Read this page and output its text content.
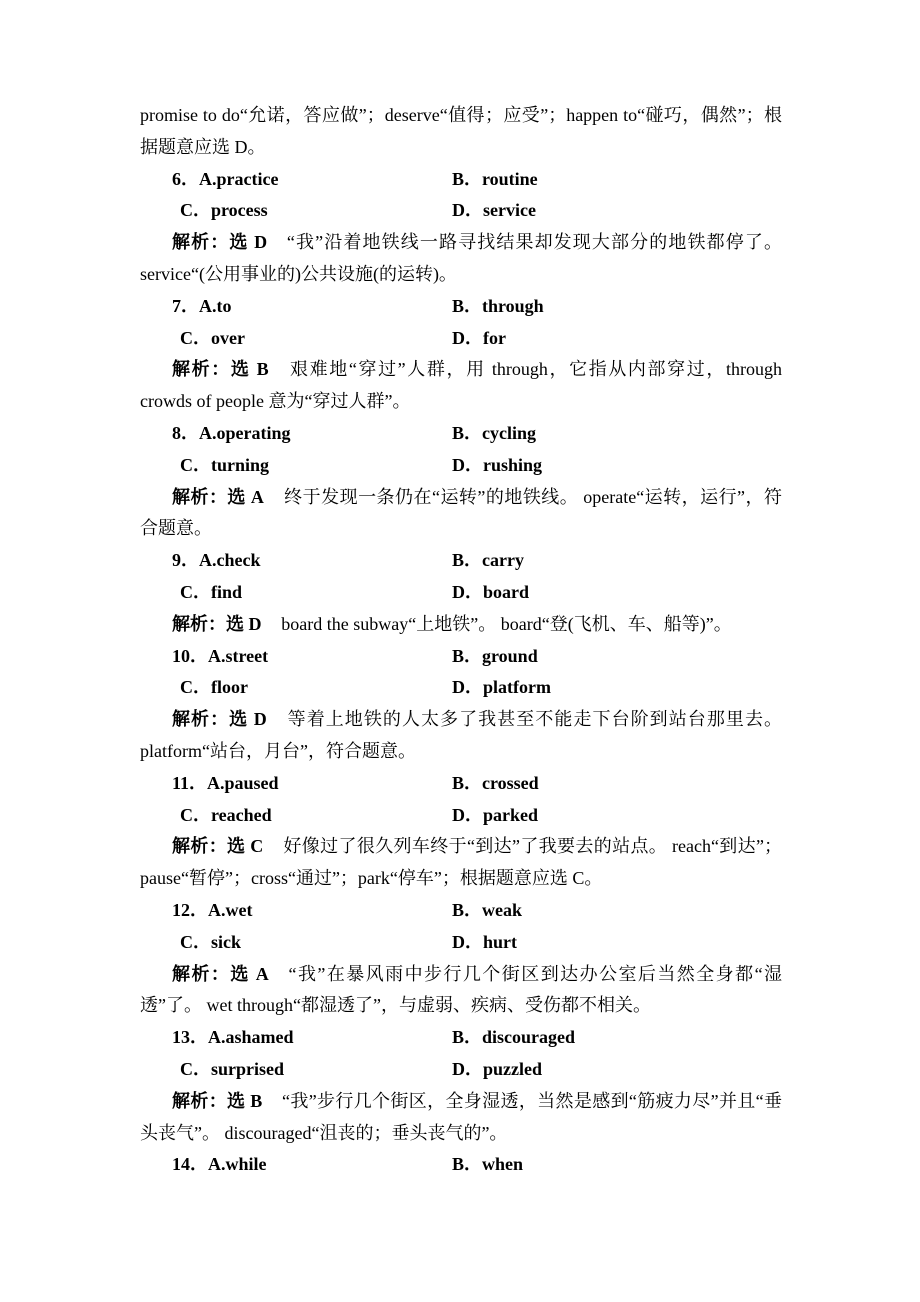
promise to do“允诺，答应做”；deserve“值得；应受”；happen to“碰巧，偶然”；根据题意应选 D。

6．A.practice	B．routine
C．process	D．service

解析：选 D “我”沿着地铁线一路寻找结果却发现大部分的地铁都停了。service“(公用事业的)公共设施(的运转)。

7．A.to	B．through
C．over	D．for

解析：选 B 艰难地“穿过”人群，用 through，它指从内部穿过，through crowds of people 意为“穿过人群”。

8．A.operating	B．cycling
C．turning	D．rushing

解析：选 A 终于发现一条仍在“运转”的地铁线。 operate“运转，运行”，符合题意。

9．A.check	B．carry
C．find	D．board

解析：选 D board the subway“上地铁”。 board“登(飞机、车、船等)”。

10．A.street	B．ground
C．floor	D．platform

解析：选 D 等着上地铁的人太多了我甚至不能走下台阶到站台那里去。 platform“站台，月台”，符合题意。

11．A.paused	B．crossed
C．reached	D．parked

解析：选 C 好像过了很久列车终于“到达”了我要去的站点。 reach“到达”；pause“暂停”；cross“通过”；park“停车”；根据题意应选 C。

12．A.wet	B．weak
C．sick	D．hurt

解析：选 A “我”在暴风雨中步行几个街区到达办公室后当然全身都“湿透”了。 wet through“都湿透了”，与虚弱、疾病、受伤都不相关。

13．A.ashamed	B．discouraged
C．surprised	D．puzzled

解析：选 B “我”步行几个街区，全身湿透，当然是感到“筋疲力尽”并且“垂头丧气”。 discouraged“沮丧的；垂头丧气的”。

14．A.while	B．when
